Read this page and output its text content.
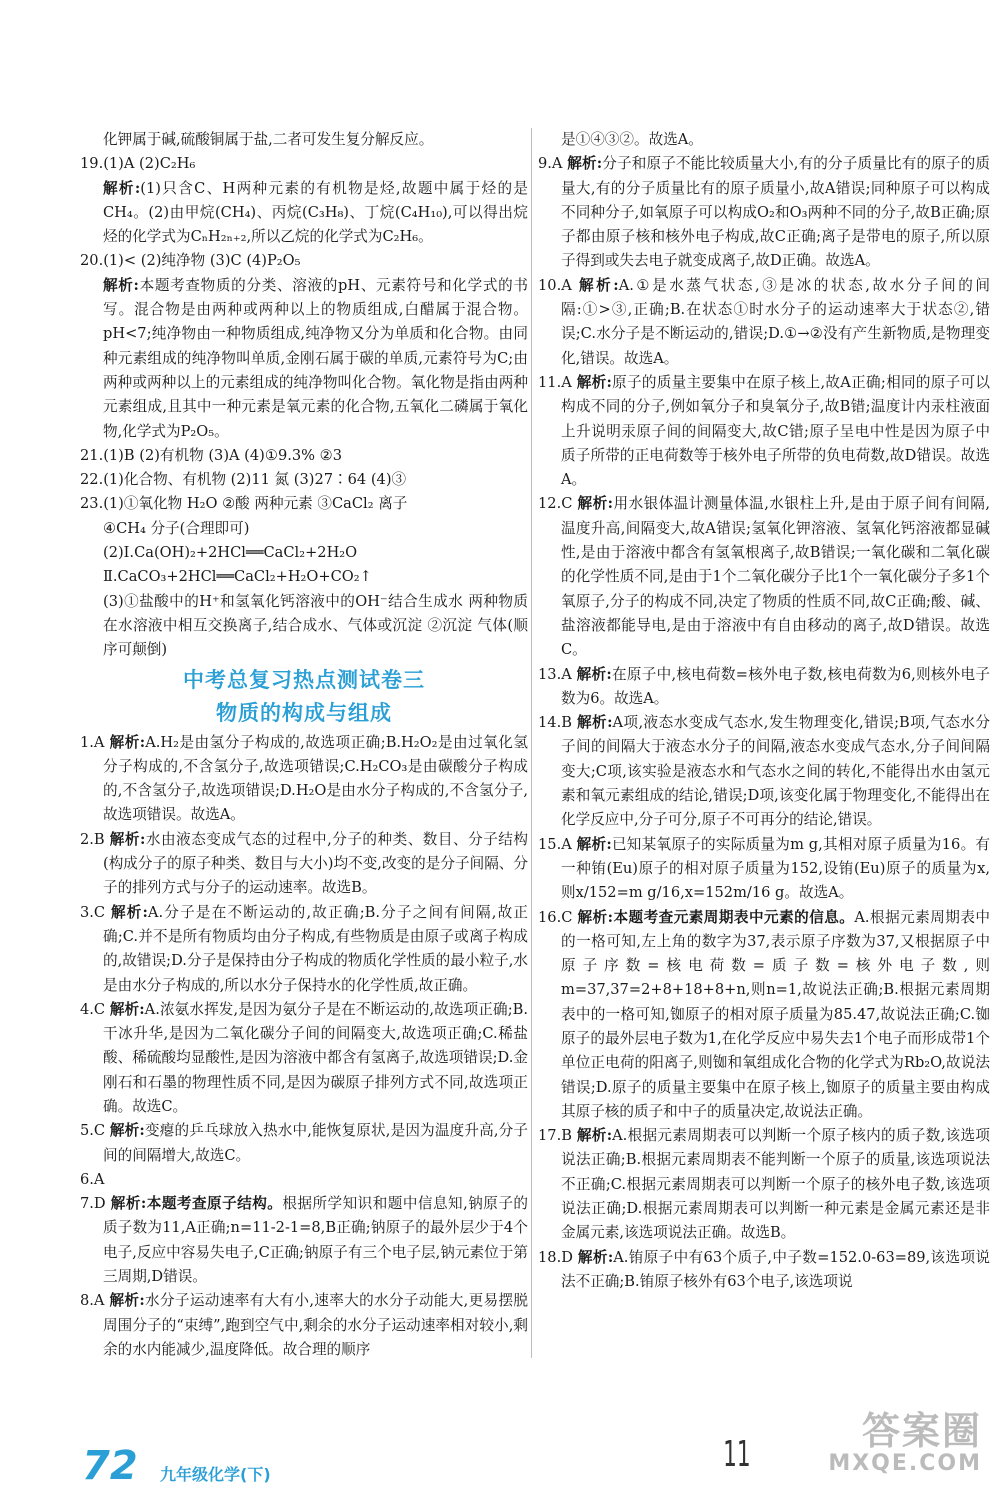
化钾属于碱,硫酸铜属于盐,二者可发生复分解反应。

19.(1)A (2)C₂H₆

解析:(1)只含C、H两种元素的有机物是烃,故题中属于烃的是CH₄。(2)由甲烷(CH₄)、丙烷(C₃H₈)、丁烷(C₄H₁₀),可以得出烷烃的化学式为CₙH₂ₙ₊₂,所以乙烷的化学式为C₂H₆。

20.(1)< (2)纯净物 (3)C (4)P₂O₅

解析:本题考查物质的分类、溶液的pH、元素符号和化学式的书写。混合物是由两种或两种以上的物质组成,白醋属于混合物。pH<7;纯净物由一种物质组成,纯净物又分为单质和化合物。由同种元素组成的纯净物叫单质,金刚石属于碳的单质,元素符号为C;由两种或两种以上的元素组成的纯净物叫化合物。氧化物是指由两种元素组成,且其中一种元素是氧元素的化合物,五氧化二磷属于氧化物,化学式为P₂O₅。

21.(1)B (2)有机物 (3)A (4)①9.3% ②3

22.(1)化合物、有机物 (2)11 氮 (3)27∶64 (4)③

23.(1)①氧化物 H₂O ②酸 两种元素 ③CaCl₂ 离子

④CH₄ 分子(合理即可)

(2)Ⅰ.Ca(OH)₂+2HCl══CaCl₂+2H₂O

Ⅱ.CaCO₃+2HCl══CaCl₂+H₂O+CO₂↑

(3)①盐酸中的H⁺和氢氧化钙溶液中的OH⁻结合生成水 两种物质在水溶液中相互交换离子,结合成水、气体或沉淀 ②沉淀 气体(顺序可颠倒)

中考总复习热点测试卷三
物质的构成与组成

1.A 解析:A.H₂是由氢分子构成的,故选项正确;B.H₂O₂是由过氧化氢分子构成的,不含氢分子,故选项错误;C.H₂CO₃是由碳酸分子构成的,不含氢分子,故选项错误;D.H₂O是由水分子构成的,不含氢分子,故选项错误。故选A。

2.B 解析:水由液态变成气态的过程中,分子的种类、数目、分子结构(构成分子的原子种类、数目与大小)均不变,改变的是分子间隔、分子的排列方式与分子的运动速率。故选B。

3.C 解析:A.分子是在不断运动的,故正确;B.分子之间有间隔,故正确;C.并不是所有物质均由分子构成,有些物质是由原子或离子构成的,故错误;D.分子是保持由分子构成的物质化学性质的最小粒子,水是由水分子构成的,所以水分子保持水的化学性质,故正确。

4.C 解析:A.浓氨水挥发,是因为氨分子是在不断运动的,故选项正确;B.干冰升华,是因为二氧化碳分子间的间隔变大,故选项正确;C.稀盐酸、稀硫酸均显酸性,是因为溶液中都含有氢离子,故选项错误;D.金刚石和石墨的物理性质不同,是因为碳原子排列方式不同,故选项正确。故选C。

5.C 解析:变瘪的乒乓球放入热水中,能恢复原状,是因为温度升高,分子间的间隔增大,故选C。

6.A

7.D 解析:本题考查原子结构。根据所学知识和题中信息知,钠原子的质子数为11,A正确;n=11-2-1=8,B正确;钠原子的最外层少于4个电子,反应中容易失电子,C正确;钠原子有三个电子层,钠元素位于第三周期,D错误。

8.A 解析:水分子运动速率有大有小,速率大的水分子动能大,更易摆脱周围分子的“束缚”,跑到空气中,剩余的水分子运动速率相对较小,剩余的水内能减少,温度降低。故合理的顺序

是①④③②。故选A。

9.A 解析:分子和原子不能比较质量大小,有的分子质量比有的原子的质量大,有的分子质量比有的原子质量小,故A错误;同种原子可以构成不同种分子,如氧原子可以构成O₂和O₃两种不同的分子,故B正确;原子都由原子核和核外电子构成,故C正确;离子是带电的原子,所以原子得到或失去电子就变成离子,故D正确。故选A。

10.A 解析:A.①是水蒸气状态,③是冰的状态,故水分子间的间隔:①>③,正确;B.在状态①时水分子的运动速率大于状态②,错误;C.水分子是不断运动的,错误;D.①→②没有产生新物质,是物理变化,错误。故选A。

11.A 解析:原子的质量主要集中在原子核上,故A正确;相同的原子可以构成不同的分子,例如氧分子和臭氧分子,故B错;温度计内汞柱液面上升说明汞原子间的间隔变大,故C错;原子呈电中性是因为原子中质子所带的正电荷数等于核外电子所带的负电荷数,故D错误。故选A。

12.C 解析:用水银体温计测量体温,水银柱上升,是由于原子间有间隔,温度升高,间隔变大,故A错误;氢氧化钾溶液、氢氧化钙溶液都显碱性,是由于溶液中都含有氢氧根离子,故B错误;一氧化碳和二氧化碳的化学性质不同,是由于1个二氧化碳分子比1个一氧化碳分子多1个氧原子,分子的构成不同,决定了物质的性质不同,故C正确;酸、碱、盐溶液都能导电,是由于溶液中有自由移动的离子,故D错误。故选C。

13.A 解析:在原子中,核电荷数=核外电子数,核电荷数为6,则核外电子数为6。故选A。

14.B 解析:A项,液态水变成气态水,发生物理变化,错误;B项,气态水分子间的间隔大于液态水分子的间隔,液态水变成气态水,分子间间隔变大;C项,该实验是液态水和气态水之间的转化,不能得出水由氢元素和氧元素组成的结论,错误;D项,该变化属于物理变化,不能得出在化学反应中,分子可分,原子不可再分的结论,错误。

15.A 解析:已知某氧原子的实际质量为m g,其相对原子质量为16。有一种铕(Eu)原子的相对原子质量为152,设铕(Eu)原子的质量为x,则x/152=m g/16,x=152m/16 g。故选A。

16.C 解析:本题考查元素周期表中元素的信息。A.根据元素周期表中的一格可知,左上角的数字为37,表示原子序数为37,又根据原子中原子序数=核电荷数=质子数=核外电子数,则m=37,37=2+8+18+8+n,则n=1,故说法正确;B.根据元素周期表中的一格可知,铷原子的相对原子质量为85.47,故说法正确;C.铷原子的最外层电子数为1,在化学反应中易失去1个电子而形成带1个单位正电荷的阳离子,则铷和氧组成化合物的化学式为Rb₂O,故说法错误;D.原子的质量主要集中在原子核上,铷原子的质量主要由构成其原子核的质子和中子的质量决定,故说法正确。

17.B 解析:A.根据元素周期表可以判断一个原子核内的质子数,该选项说法正确;B.根据元素周期表不能判断一个原子的质量,该选项说法不正确;C.根据元素周期表可以判断一个原子的核外电子数,该选项说法正确;D.根据元素周期表可以判断一种元素是金属元素还是非金属元素,该选项说法正确。故选B。

18.D 解析:A.铕原子中有63个质子,中子数=152.0-63=89,该选项说法不正确;B.铕原子核外有63个电子,该选项说

72 九年级化学(下)	11
答案圈
MXQE.COM
